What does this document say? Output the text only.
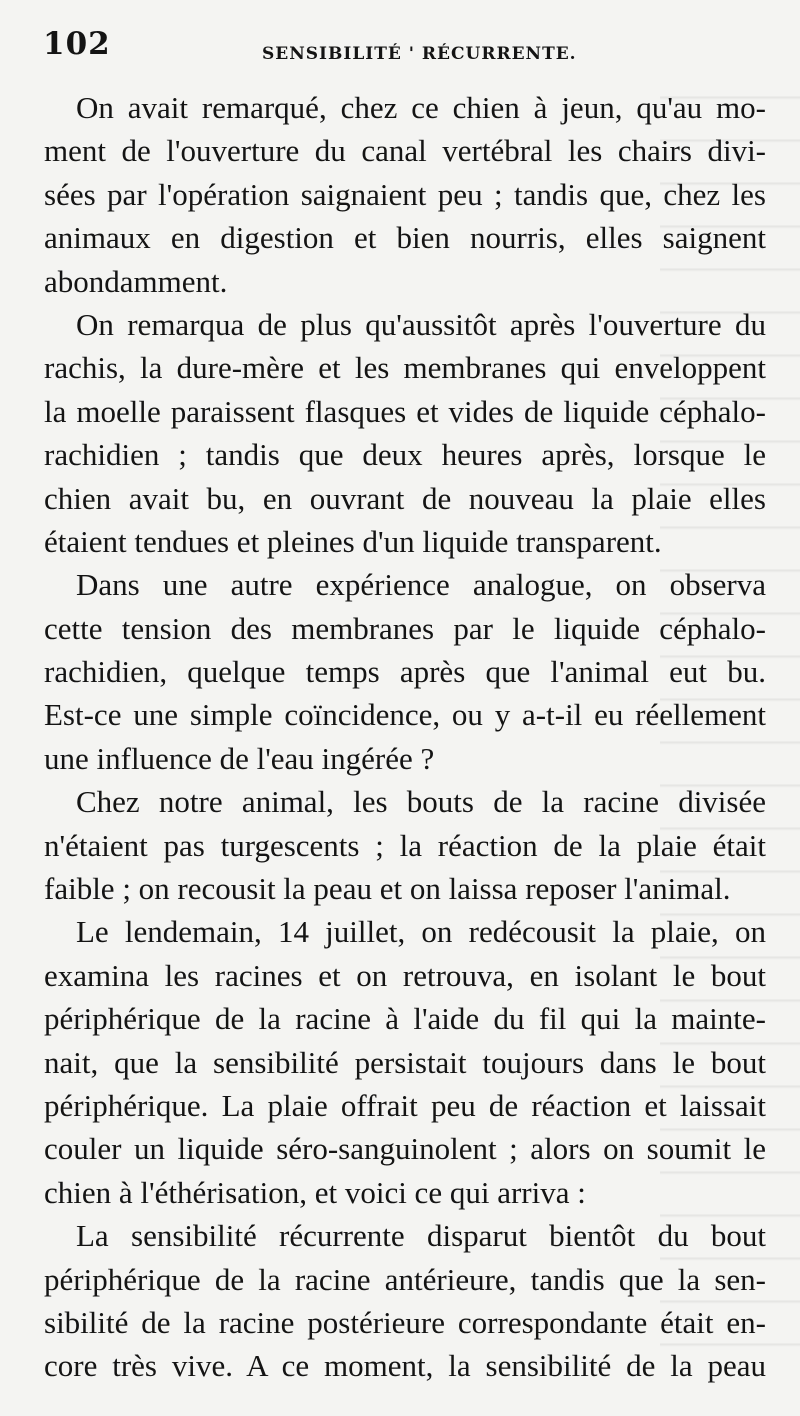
102	SENSIBILITÉ ' RÉCURRENTE.
On avait remarqué, chez ce chien à jeun, qu'au mo-
ment de l'ouverture du canal vertébral les chairs divi-
sées par l'opération saignaient peu ; tandis que, chez les
animaux en digestion et bien nourris, elles saignent
abondamment.
On remarqua de plus qu'aussitôt après l'ouverture du
rachis, la dure-mère et les membranes qui enveloppent
la moelle paraissent flasques et vides de liquide céphalo-
rachidien ; tandis que deux heures après, lorsque le
chien avait bu, en ouvrant de nouveau la plaie elles
étaient tendues et pleines d'un liquide transparent.
Dans une autre expérience analogue, on observa
cette tension des membranes par le liquide céphalo-
rachidien, quelque temps après que l'animal eut bu.
Est-ce une simple coïncidence, ou y a-t-il eu réellement
une influence de l'eau ingérée ?
Chez notre animal, les bouts de la racine divisée
n'étaient pas turgescents ; la réaction de la plaie était
faible ; on recousit la peau et on laissa reposer l'animal.
Le lendemain, 14 juillet, on redécousit la plaie, on
examina les racines et on retrouva, en isolant le bout
périphérique de la racine à l'aide du fil qui la mainte-
nait, que la sensibilité persistait toujours dans le bout
périphérique. La plaie offrait peu de réaction et laissait
couler un liquide séro-sanguinolent ; alors on soumit le
chien à l'éthérisation, et voici ce qui arriva :
La sensibilité récurrente disparut bientôt du bout
périphérique de la racine antérieure, tandis que la sen-
sibilité de la racine postérieure correspondante était en-
core très vive. A ce moment, la sensibilité de la peau
